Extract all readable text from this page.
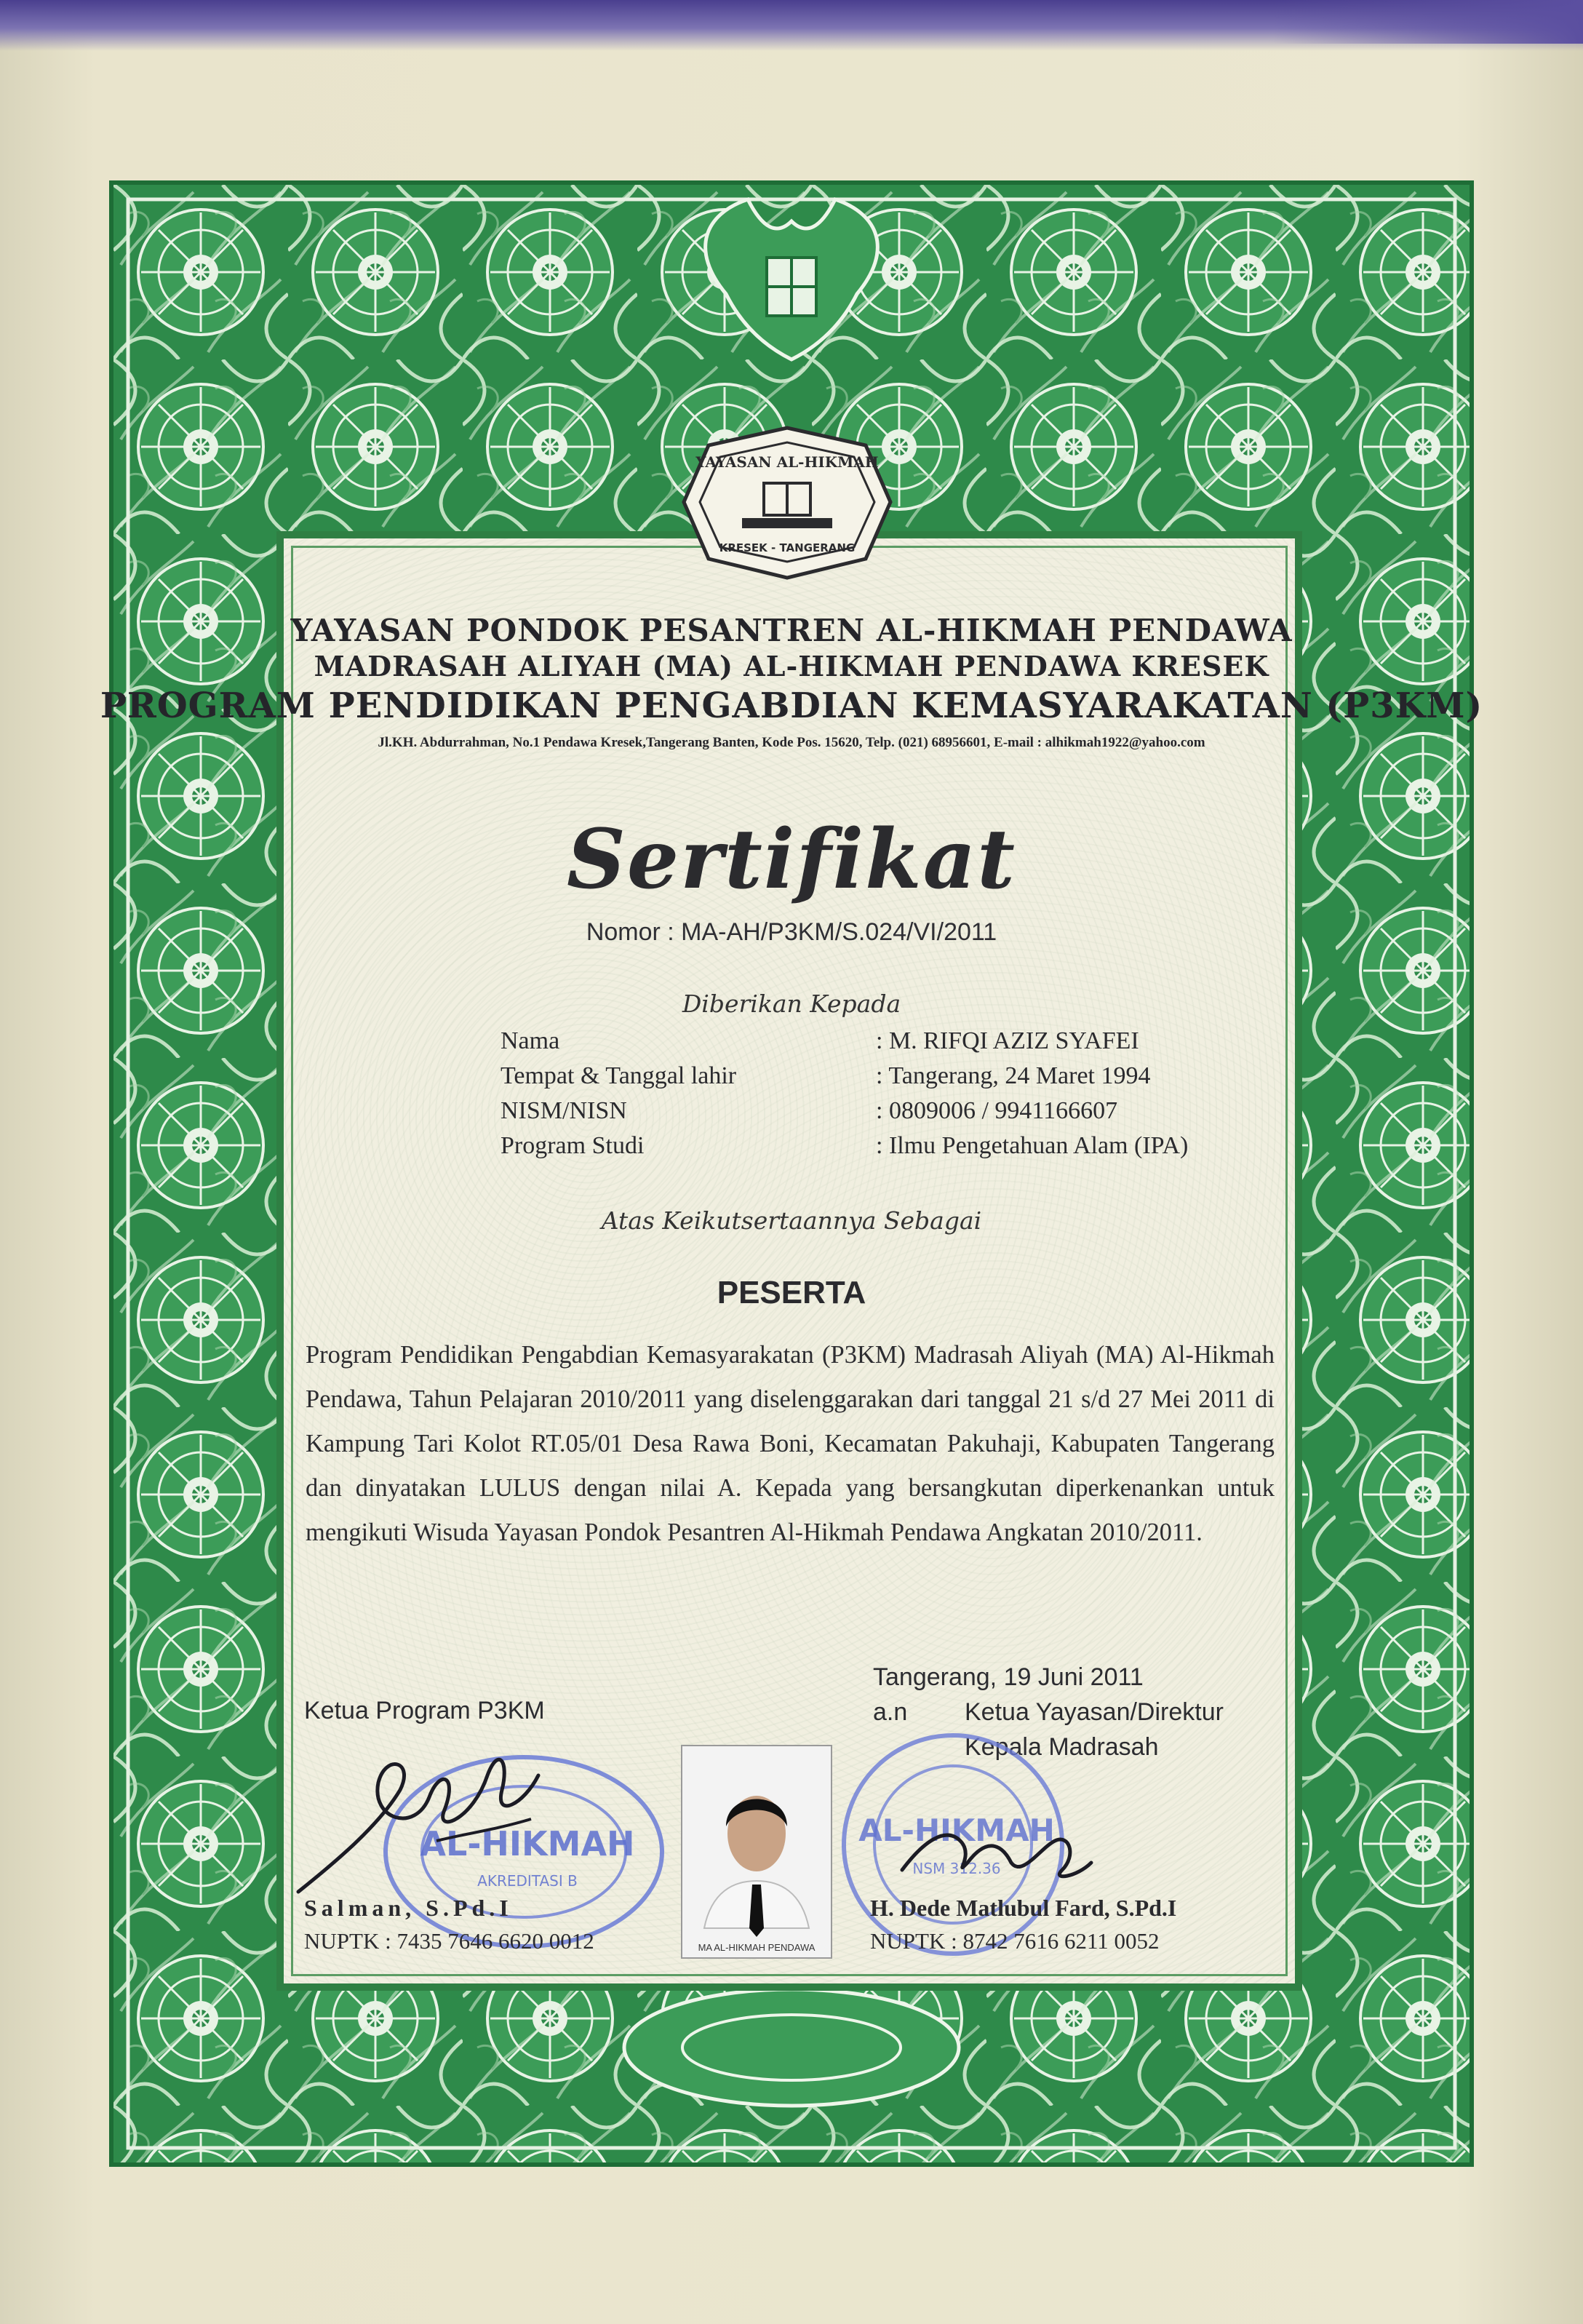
YAYASAN AL-HIKMAH
KRESEK - TANGERANG
YAYASAN PONDOK PESANTREN AL-HIKMAH PENDAWA
MADRASAH ALIYAH (MA) AL-HIKMAH PENDAWA KRESEK
PROGRAM PENDIDIKAN PENGABDIAN KEMASYARAKATAN (P3KM)
Jl.KH. Abdurrahman, No.1 Pendawa Kresek,Tangerang Banten, Kode Pos. 15620, Telp. (021) 68956601, E-mail : alhikmah1922@yahoo.com
Sertifikat
Nomor : MA-AH/P3KM/S.024/VI/2011
Diberikan Kepada
Nama	: M. RIFQI AZIZ SYAFEI
Tempat & Tanggal lahir	: Tangerang, 24 Maret 1994
NISM/NISN	: 0809006 / 9941166607
Program Studi	: Ilmu Pengetahuan Alam (IPA)
Atas Keikutsertaannya Sebagai
PESERTA
Program Pendidikan Pengabdian Kemasyarakatan (P3KM) Madrasah Aliyah (MA) Al-Hikmah Pendawa, Tahun Pelajaran 2010/2011 yang diselenggarakan dari tanggal 21 s/d 27 Mei 2011 di Kampung Tari Kolot RT.05/01 Desa Rawa Boni, Kecamatan Pakuhaji, Kabupaten Tangerang dan dinyatakan LULUS dengan nilai A. Kepada yang bersangkutan diperkenankan untuk mengikuti Wisuda Yayasan Pondok Pesantren Al-Hikmah Pendawa Angkatan 2010/2011.
Ketua Program P3KM
Tangerang, 19 Juni 2011
a.n Ketua Yayasan/Direktur
Kepala Madrasah
AL-HIKMAH
AKREDITASI B
MA AL-HIKMAH PENDAWA
AL-HIKMAH
NSM 312.36
Salman, S.Pd.I
NUPTK : 7435 7646 6620 0012
H. Dede Matlubul Fard, S.Pd.I
NUPTK : 8742 7616 6211 0052
